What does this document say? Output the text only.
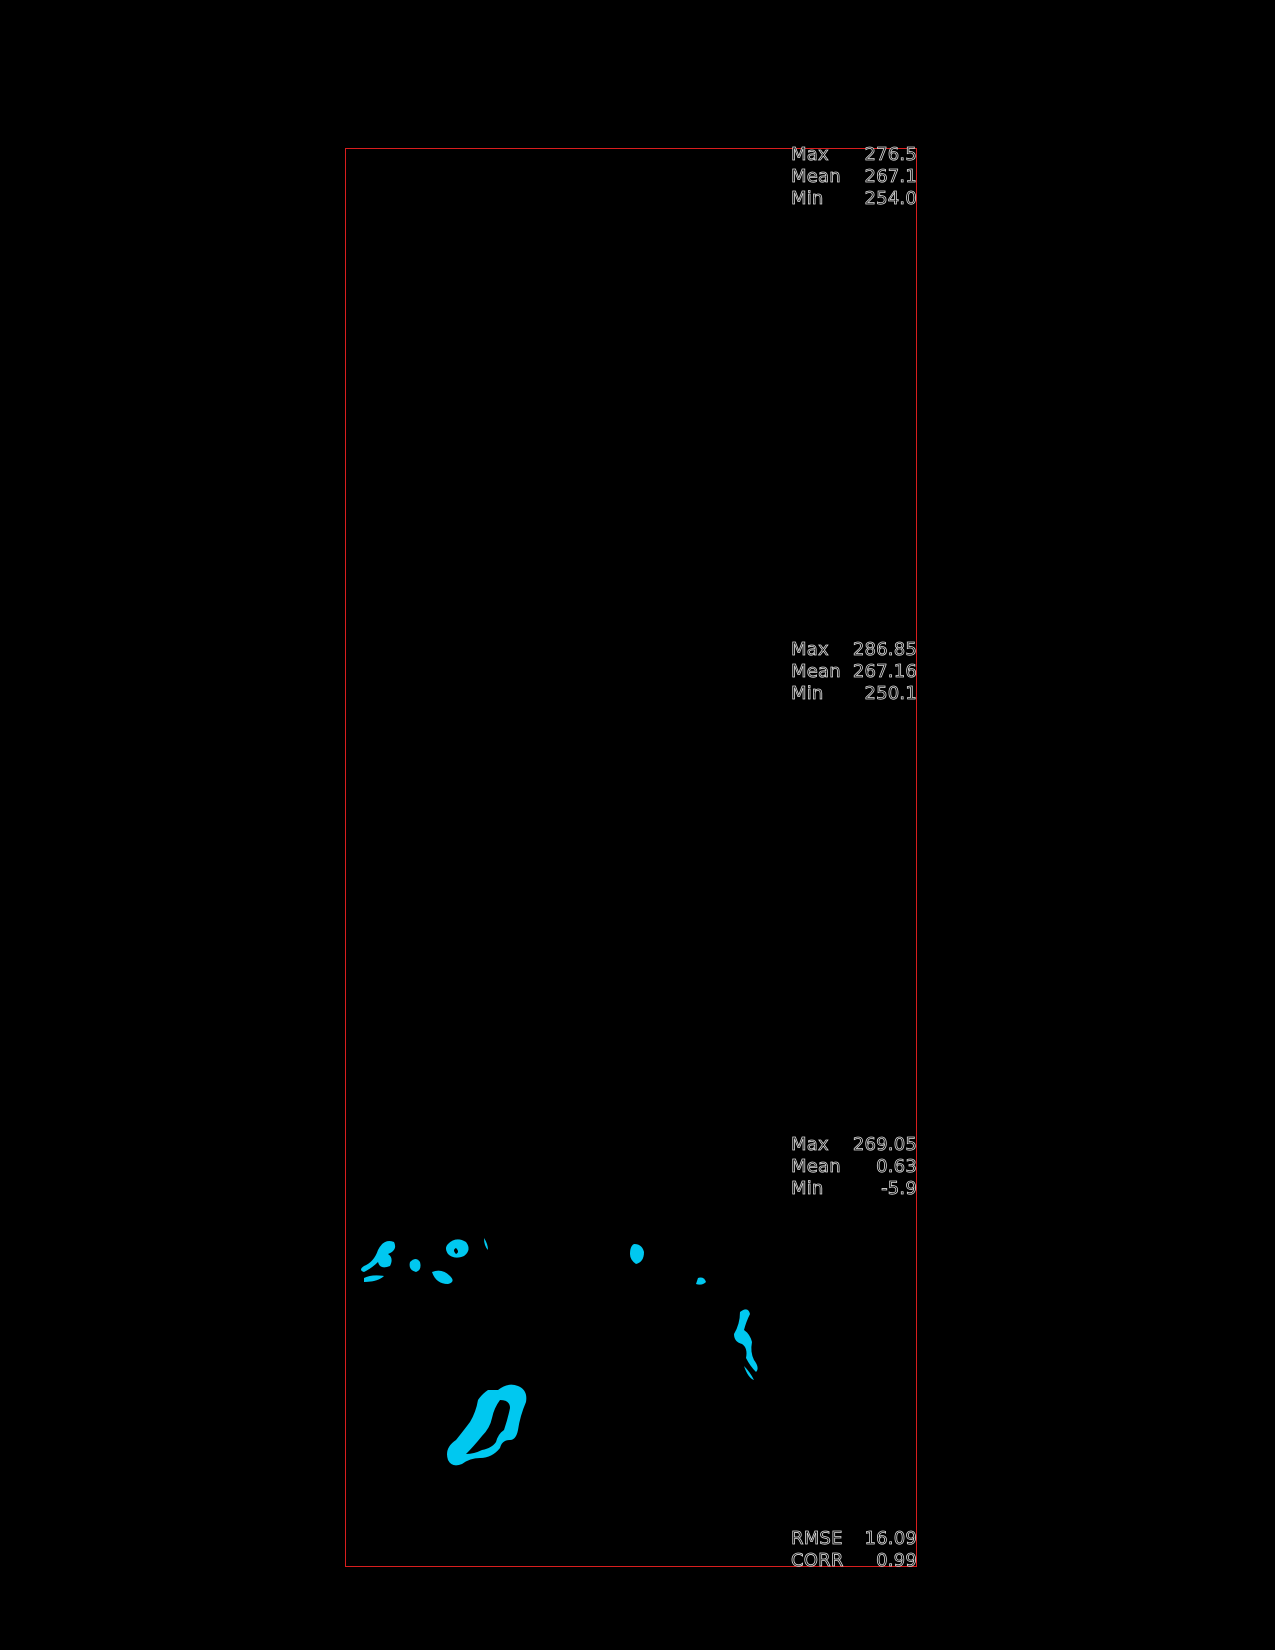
Max	276.5
Mean	267.1
Min	254.0
Max	286.85
Mean 267.16
Min	250.1
Max	269.05
Mean	0.63
Min	-5.9
RMSE	16.09
CORR	0.99
